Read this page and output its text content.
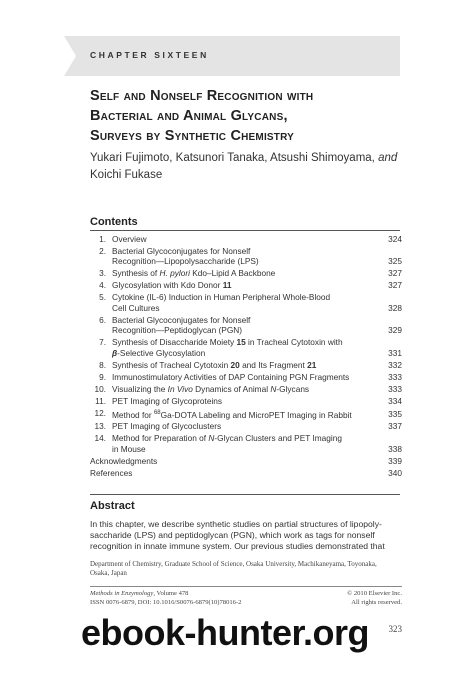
CHAPTER SIXTEEN
Self and Nonself Recognition with
Bacterial and Animal Glycans,
Surveys by Synthetic Chemistry
Yukari Fujimoto, Katsunori Tanaka, Atsushi Shimoyama, and
Koichi Fukase
Contents
1. Overview	324
2. Bacterial Glycoconjugates for Nonself
Recognition—Lipopolysaccharide (LPS)	325
3. Synthesis of H. pylori Kdo–Lipid A Backbone	327
4. Glycosylation with Kdo Donor 11	327
5. Cytokine (IL-6) Induction in Human Peripheral Whole-Blood
Cell Cultures	328
6. Bacterial Glycoconjugates for Nonself
Recognition—Peptidoglycan (PGN)	329
7. Synthesis of Disaccharide Moiety 15 in Tracheal Cytotoxin with
β-Selective Glycosylation	331
8. Synthesis of Tracheal Cytotoxin 20 and Its Fragment 21	332
9. Immunostimulatory Activities of DAP Containing PGN Fragments	333
10. Visualizing the In Vivo Dynamics of Animal N-Glycans	333
11. PET Imaging of Glycoproteins	334
12. Method for $^{68}$Ga-DOTA Labeling and MicroPET Imaging in Rabbit	335
13. PET Imaging of Glycoclusters	337
14. Method for Preparation of N-Glycan Clusters and PET Imaging
in Mouse	338
Acknowledgments	339
References	340
Abstract
In this chapter, we describe synthetic studies on partial structures of lipopoly-
saccharide (LPS) and peptidoglycan (PGN), which work as tags for nonself
recognition in innate immune system. Our previous studies demonstrated that
Department of Chemistry, Graduate School of Science, Osaka University, Machikaneyama, Toyonaka,
Osaka, Japan
Methods in Enzymology, Volume 478	© 2010 Elsevier Inc.
ISSN 0076-6879, DOI: 10.1016/S0076-6879(10)78016-2	All rights reserved.
323
ebook-hunter.org
